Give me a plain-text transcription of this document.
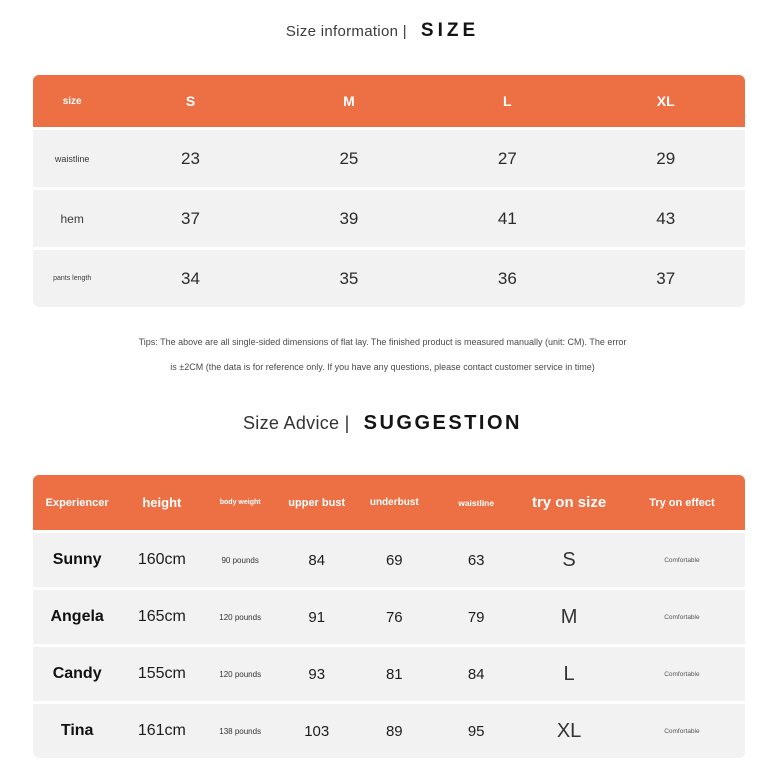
Size information | SIZE
size	S	M	L	XL
waistline	23	25	27	29
hem	37	39	41	43
pants length	34	35	36	37
Tips: The above are all single-sided dimensions of flat lay. The finished product is measured manually (unit: CM). The error
is ±2CM (the data is for reference only. If you have any questions, please contact customer service in time)
Size Advice | SUGGESTION
Experiencer	height	body weight	upper bust	underbust	waistline	try on size	Try on effect
Sunny	160cm	90 pounds	84	69	63	S	Comfortable
Angela	165cm	120 pounds	91	76	79	M	Comfortable
Candy	155cm	120 pounds	93	81	84	L	Comfortable
Tina	161cm	138 pounds	103	89	95	XL	Comfortable
